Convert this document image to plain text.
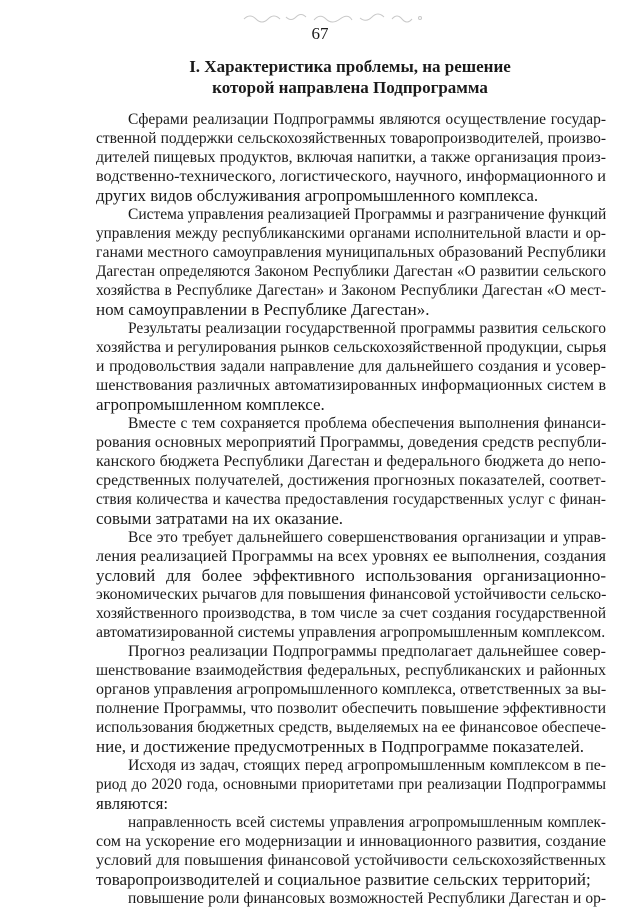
67
I. Характеристика проблемы, на решение
которой направлена Подпрограмма
Сферами реализации Подпрограммы являются осуществление государ-
ственной поддержки сельскохозяйственных товаропроизводителей, произво-
дителей пищевых продуктов, включая напитки, а также организация произ-
водственно-технического, логистического, научного, информационного и
других видов обслуживания агропромышленного комплекса.
Система управления реализацией Программы и разграничение функций
управления между республиканскими органами исполнительной власти и ор-
ганами местного самоуправления муниципальных образований Республики
Дагестан определяются Законом Республики Дагестан «О развитии сельского
хозяйства в Республике Дагестан» и Законом Республики Дагестан «О мест-
ном самоуправлении в Республике Дагестан».
Результаты реализации государственной программы развития сельского
хозяйства и регулирования рынков сельскохозяйственной продукции, сырья
и продовольствия задали направление для дальнейшего создания и усовер-
шенствования различных автоматизированных информационных систем в
агропромышленном комплексе.
Вместе с тем сохраняется проблема обеспечения выполнения финанси-
рования основных мероприятий Программы, доведения средств республи-
канского бюджета Республики Дагестан и федерального бюджета до непо-
средственных получателей, достижения прогнозных показателей, соответ-
ствия количества и качества предоставления государственных услуг с финан-
совыми затратами на их оказание.
Все это требует дальнейшего совершенствования организации и управ-
ления реализацией Программы на всех уровнях ее выполнения, создания
условий для более эффективного использования организационно-
экономических рычагов для повышения финансовой устойчивости сельско-
хозяйственного производства, в том числе за счет создания государственной
автоматизированной системы управления агропромышленным комплексом.
Прогноз реализации Подпрограммы предполагает дальнейшее совер-
шенствование взаимодействия федеральных, республиканских и районных
органов управления агропромышленного комплекса, ответственных за вы-
полнение Программы, что позволит обеспечить повышение эффективности
использования бюджетных средств, выделяемых на ее финансовое обеспече-
ние, и достижение предусмотренных в Подпрограмме показателей.
Исходя из задач, стоящих перед агропромышленным комплексом в пе-
риод до 2020 года, основными приоритетами при реализации Подпрограммы
являются:
направленность всей системы управления агропромышленным комплек-
сом на ускорение его модернизации и инновационного развития, создание
условий для повышения финансовой устойчивости сельскохозяйственных
товаропроизводителей и социальное развитие сельских территорий;
повышение роли финансовых возможностей Республики Дагестан и ор-
